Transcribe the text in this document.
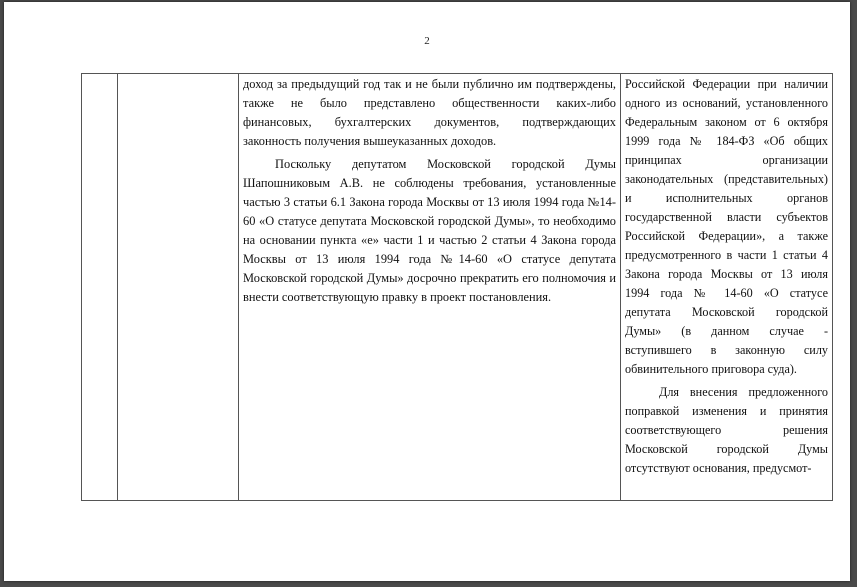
2

доход за предыдущий год так и не были публично им подтверждены, также не было представлено общественности каких-либо финансовых, бухгалтерских документов, подтверждающих законность получения вышеуказанных доходов.

Поскольку депутатом Московской городской Думы Шапошниковым А.В. не соблюдены требования, установленные частью 3 статьи 6.1 Закона города Москвы от 13 июля 1994 года №14-60 «О статусе депутата Московской городской Думы», то необходимо на основании пункта «е» части 1 и частью 2 статьи 4 Закона города Москвы от 13 июля 1994 года №14-60 «О статусе депутата Московской городской Думы» досрочно прекратить его полномочия и внести соответствующую правку в проект постановления.

Российской Федерации при наличии одного из оснований, установленного Федеральным законом от 6 октября 1999 года № 184-ФЗ «Об общих принципах организации законодательных (представительных) и исполнительных органов государственной власти субъектов Российской Федерации», а также предусмотренного в части 1 статьи 4 Закона города Москвы от 13 июля 1994 года № 14-60 «О статусе депутата Московской городской Думы» (в данном случае - вступившего в законную силу обвинительного приговора суда).

Для внесения предложенного поправкой изменения и принятия соответствующего решения Московской городской Думы отсутствуют основания, предусмот-
